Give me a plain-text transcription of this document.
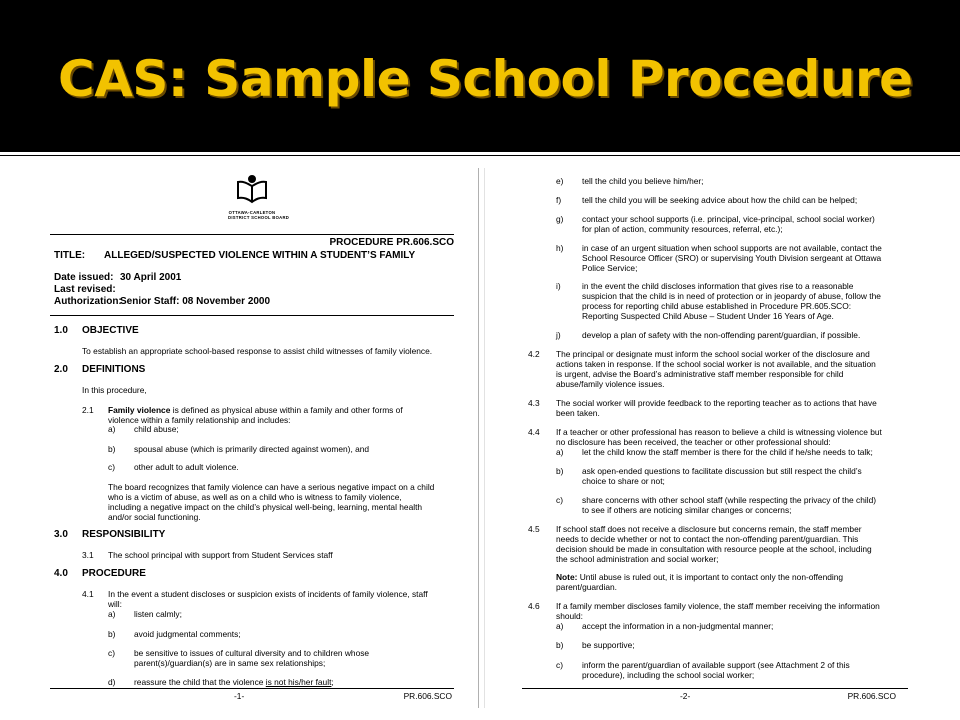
CAS: Sample School Procedure
OTTAWA-CARLETON
DISTRICT SCHOOL BOARD
PROCEDURE PR.606.SCO
TITLE: ALLEGED/SUSPECTED VIOLENCE WITHIN A STUDENT’S FAMILY
Date issued: 30 April 2001
Last revised:
Authorization:Senior Staff: 08 November 2000
1.0 OBJECTIVE
To establish an appropriate school-based response to assist child witnesses of family violence.
2.0 DEFINITIONS
In this procedure,
2.1 Family violence is defined as physical abuse within a family and other forms of
violence within a family relationship and includes:
a) child abuse;
b) spousal abuse (which is primarily directed against women), and
c) other adult to adult violence.
The board recognizes that family violence can have a serious negative impact on a child
who is a victim of abuse, as well as on a child who is witness to family violence,
including a negative impact on the child’s physical well-being, learning, mental health
and/or social functioning.
3.0 RESPONSIBILITY
3.1 The school principal with support from Student Services staff
4.0 PROCEDURE
4.1 In the event a student discloses or suspicion exists of incidents of family violence, staff
will:
a) listen calmly;
b) avoid judgmental comments;
c) be sensitive to issues of cultural diversity and to children whose
parent(s)/guardian(s) are in same sex relationships;
d) reassure the child that the violence is not his/her fault;
-1-	PR.606.SCO
e) tell the child you believe him/her;
f) tell the child you will be seeking advice about how the child can be helped;
g) contact your school supports (i.e. principal, vice-principal, school social worker)
for plan of action, community resources, referral, etc.);
h) in case of an urgent situation when school supports are not available, contact the
School Resource Officer (SRO) or supervising Youth Division sergeant at Ottawa
Police Service;
i)	in the event the child discloses information that gives rise to a reasonable
suspicion that the child is in need of protection or in jeopardy of abuse, follow the
process for reporting child abuse established in Procedure PR.605.SCO:
Reporting Suspected Child Abuse – Student Under 16 Years of Age.
j)	develop a plan of safety with the non-offending parent/guardian, if possible.
4.2 The principal or designate must inform the school social worker of the disclosure and
actions taken in response. If the school social worker is not available, and the situation
is urgent, advise the Board’s administrative staff member responsible for child
abuse/family violence issues.
4.3 The social worker will provide feedback to the reporting teacher as to actions that have
been taken.
4.4 If a teacher or other professional has reason to believe a child is witnessing violence but
no disclosure has been received, the teacher or other professional should:
a) let the child know the staff member is there for the child if he/she needs to talk;
b) ask open-ended questions to facilitate discussion but still respect the child’s
choice to share or not;
c) share concerns with other school staff (while respecting the privacy of the child)
to see if others are noticing similar changes or concerns;
4.5 If school staff does not receive a disclosure but concerns remain, the staff member
needs to decide whether or not to contact the non-offending parent/guardian. This
decision should be made in consultation with resource people at the school, including
the school administration and social worker;
Note: Until abuse is ruled out, it is important to contact only the non-offending
parent/guardian.
4.6 If a family member discloses family violence, the staff member receiving the information
should:
a) accept the information in a non-judgmental manner;
b) be supportive;
c) inform the parent/guardian of available support (see Attachment 2 of this
procedure), including the school social worker;
-2-	PR.606.SCO
